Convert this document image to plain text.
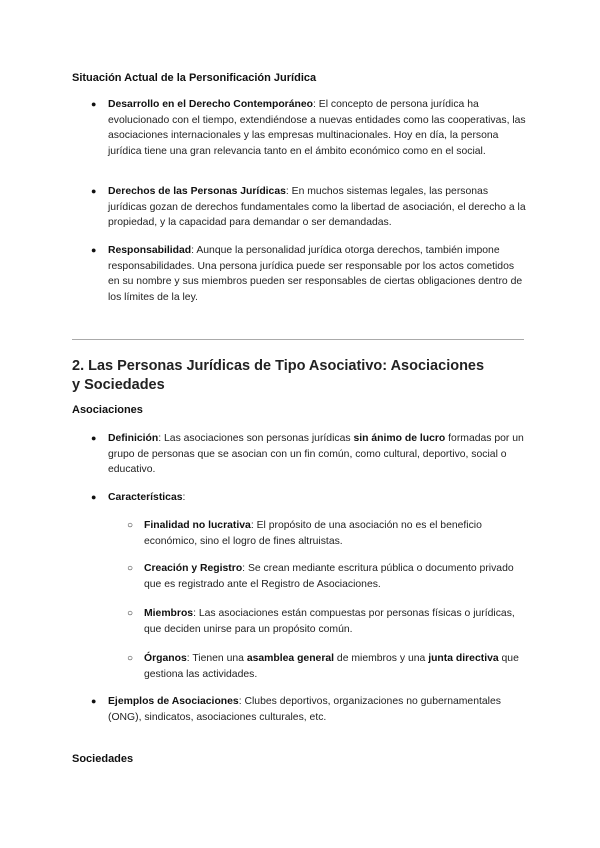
Situación Actual de la Personificación Jurídica
● Desarrollo en el Derecho Contemporáneo: El concepto de persona jurídica ha evolucionado con el tiempo, extendiéndose a nuevas entidades como las cooperativas, las asociaciones internacionales y las empresas multinacionales. Hoy en día, la persona jurídica tiene una gran relevancia tanto en el ámbito económico como en el social.
● Derechos de las Personas Jurídicas: En muchos sistemas legales, las personas jurídicas gozan de derechos fundamentales como la libertad de asociación, el derecho a la propiedad, y la capacidad para demandar o ser demandadas.
● Responsabilidad: Aunque la personalidad jurídica otorga derechos, también impone responsabilidades. Una persona jurídica puede ser responsable por los actos cometidos en su nombre y sus miembros pueden ser responsables de ciertas obligaciones dentro de los límites de la ley.
2. Las Personas Jurídicas de Tipo Asociativo: Asociaciones y Sociedades
Asociaciones
● Definición: Las asociaciones son personas jurídicas sin ánimo de lucro formadas por un grupo de personas que se asocian con un fin común, como cultural, deportivo, social o educativo.
● Características:
○ Finalidad no lucrativa: El propósito de una asociación no es el beneficio económico, sino el logro de fines altruistas.
○ Creación y Registro: Se crean mediante escritura pública o documento privado que es registrado ante el Registro de Asociaciones.
○ Miembros: Las asociaciones están compuestas por personas físicas o jurídicas, que deciden unirse para un propósito común.
○ Órganos: Tienen una asamblea general de miembros y una junta directiva que gestiona las actividades.
● Ejemplos de Asociaciones: Clubes deportivos, organizaciones no gubernamentales (ONG), sindicatos, asociaciones culturales, etc.
Sociedades
